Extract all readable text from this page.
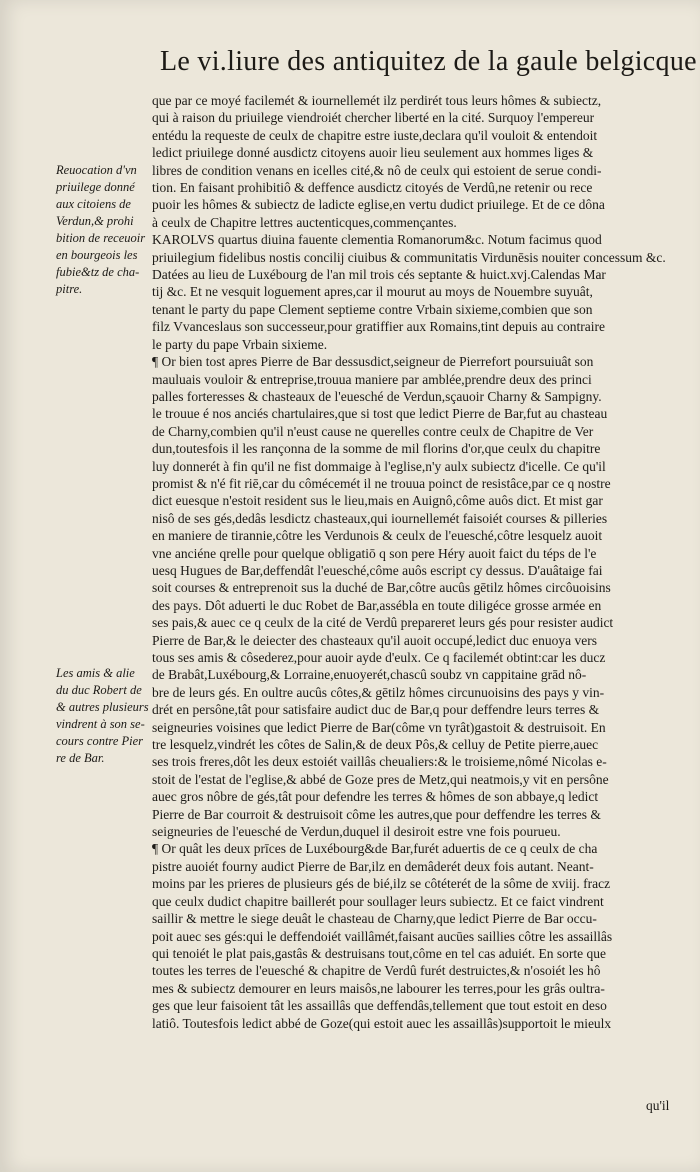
Le vi.liure des antiquitez de la gaule belgicque
Reuocation d'vn
priuilege donné
aux citoiens de
Verdun,& prohi
bition de receuoir
en bourgeois les
fubie&tz de cha-
pitre.
Les amis & alie
du duc Robert de
& autres plusieurs
vindrent à son se-
cours contre Pier
re de Bar.
que par ce moyé facilemét & iournellemét ilz perdirét tous leurs hômes & subiectz,
qui à raison du priuilege viendroiét chercher liberté en la cité. Surquoy l'empereur
entédu la requeste de ceulx de chapitre estre iuste,declara qu'il vouloit & entendoit
ledict priuilege donné ausdictz citoyens auoir lieu seulement aux hommes liges &
libres de condition venans en icelles cité,& nô de ceulx qui estoient de serue condi-
tion. En faisant prohibitiô & deffence ausdictz citoyés de Verdû,ne retenir ou rece
puoir les hômes & subiectz de ladicte eglise,en vertu dudict priuilege. Et de ce dôna
à ceulx de Chapitre lettres auctenticques,commençantes.
KAROLVS quartus diuina fauente clementia Romanorum&c. Notum facimus quod
priuilegium fidelibus nostis concilij ciuibus & communitatis Virdunēsis nouiter concessum &c.
Datées au lieu de Luxébourg de l'an mil trois cés septante & huict.xvj.Calendas Mar
tij &c. Et ne vesquit loguement apres,car il mourut au moys de Nouembre suyuât,
tenant le party du pape Clement septieme contre Vrbain sixieme,combien que son
filz Vvanceslaus son successeur,pour gratiffier aux Romains,tint depuis au contraire
le party du pape Vrbain sixieme.
¶ Or bien tost apres Pierre de Bar dessusdict,seigneur de Pierrefort poursuiuât son
mauluais vouloir & entreprise,trouua maniere par amblée,prendre deux des princi
palles forteresses & chasteaux de l'euesché de Verdun,sçauoir Charny & Sampigny.
le trouue é nos anciés chartulaires,que si tost que ledict Pierre de Bar,fut au chasteau
de Charny,combien qu'il n'eust cause ne querelles contre ceulx de Chapitre de Ver
dun,toutesfois il les rançonna de la somme de mil florins d'or,que ceulx du chapitre
luy donnerét à fin qu'il ne fist dommaige à l'eglise,n'y aulx subiectz d'icelle. Ce qu'il
promist & n'é fit riē,car du cômécemét il ne trouua poinct de resistâce,par ce q nostre
dict euesque n'estoit resident sus le lieu,mais en Auignô,côme auôs dict. Et mist gar
nisô de ses gés,dedâs lesdictz chasteaux,qui iournellemét faisoiét courses & pilleries
en maniere de tirannie,côtre les Verdunois & ceulx de l'euesché,côtre lesquelz auoit
vne anciéne qrelle pour quelque obligatiō q son pere Héry auoit faict du téps de l'e
uesq Hugues de Bar,deffendât l'euesché,côme auôs escript cy dessus. D'auâtaige fai
soit courses & entreprenoit sus la duché de Bar,côtre aucûs gētilz hômes circôuoisins
des pays. Dôt aduerti le duc Robet de Bar,assébla en toute diligéce grosse armée en
ses pais,& auec ce q ceulx de la cité de Verdû prepareret leurs gés pour resister audict
Pierre de Bar,& le deiecter des chasteaux qu'il auoit occupé,ledict duc enuoya vers
tous ses amis & côsederez,pour auoir ayde d'eulx. Ce q facilemét obtint:car les ducz
de Brabât,Luxébourg,& Lorraine,enuoyerét,chascû soubz vn cappitaine grād nô-
bre de leurs gés. En oultre aucûs côtes,& gētilz hômes circunuoisins des pays y vin-
drét en persône,tât pour satisfaire audict duc de Bar,q pour deffendre leurs terres &
seigneuries voisines que ledict Pierre de Bar(côme vn tyrât)gastoit & destruisoit. En
tre lesquelz,vindrét les côtes de Salin,& de deux Pôs,& celluy de Petite pierre,auec
ses trois freres,dôt les deux estoiét vaillâs cheualiers:& le troisieme,nômé Nicolas e-
stoit de l'estat de l'eglise,& abbé de Goze pres de Metz,qui neatmois,y vit en persône
auec gros nôbre de gés,tât pour defendre les terres & hômes de son abbaye,q ledict
Pierre de Bar courroit & destruisoit côme les autres,que pour deffendre les terres &
seigneuries de l'euesché de Verdun,duquel il desiroit estre vne fois pourueu.
¶ Or quât les deux prīces de Luxébourg&de Bar,furét aduertis de ce q ceulx de cha
pistre auoiét fourny audict Pierre de Bar,ilz en demâderét deux fois autant. Neant-
moins par les prieres de plusieurs gés de bié,ilz se côtéterét de la sôme de xviij. fracz
que ceulx dudict chapitre baillerét pour soullager leurs subiectz. Et ce faict vindrent
saillir & mettre le siege deuât le chasteau de Charny,que ledict Pierre de Bar occu-
poit auec ses gés:qui le deffendoiét vaillâmét,faisant aucūes saillies côtre les assaillâs
qui tenoiét le plat pais,gastâs & destruisans tout,côme en tel cas aduiét. En sorte que
toutes les terres de l'euesché & chapitre de Verdû furét destruictes,& n'osoiét les hô
mes & subiectz demourer en leurs maisôs,ne labourer les terres,pour les grâs oultra-
ges que leur faisoient tât les assaillâs que deffendâs,tellement que tout estoit en deso
latiô. Toutesfois ledict abbé de Goze(qui estoit auec les assaillâs)supportoit le mieulx
qu'il
